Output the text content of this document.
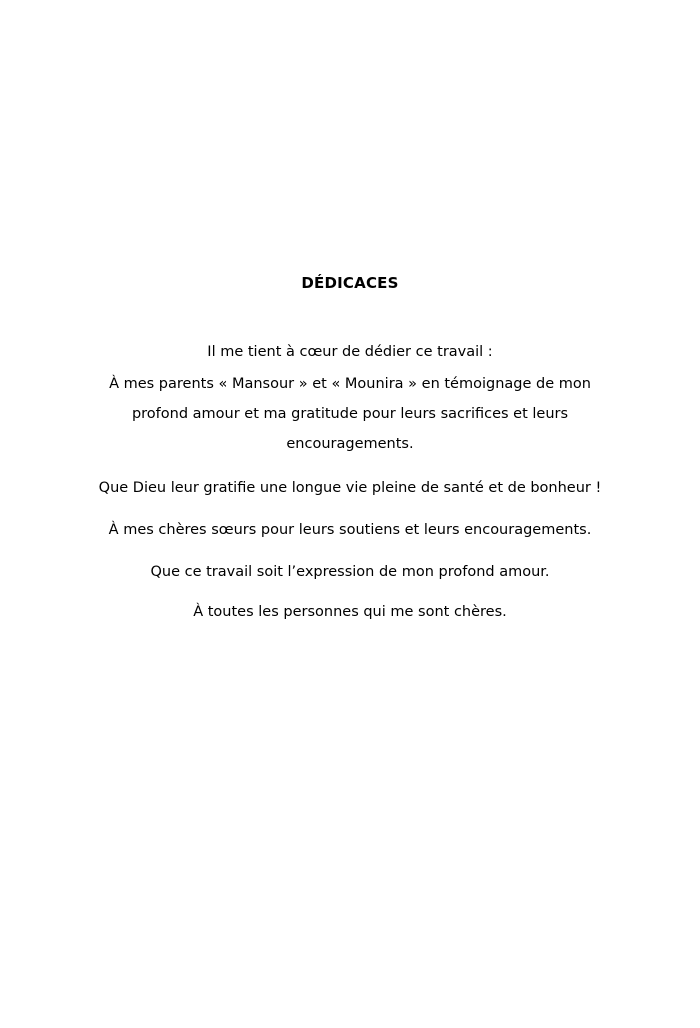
DÉDICACES
Il me tient à cœur de dédier ce travail :
À mes parents « Mansour » et « Mounira » en témoignage de mon
profond amour et ma gratitude pour leurs sacrifices et leurs
encouragements.
Que Dieu leur gratifie une longue vie pleine de santé et de bonheur !
À mes chères sœurs pour leurs soutiens et leurs encouragements.
Que ce travail soit l’expression de mon profond amour.
À toutes les personnes qui me sont chères.
